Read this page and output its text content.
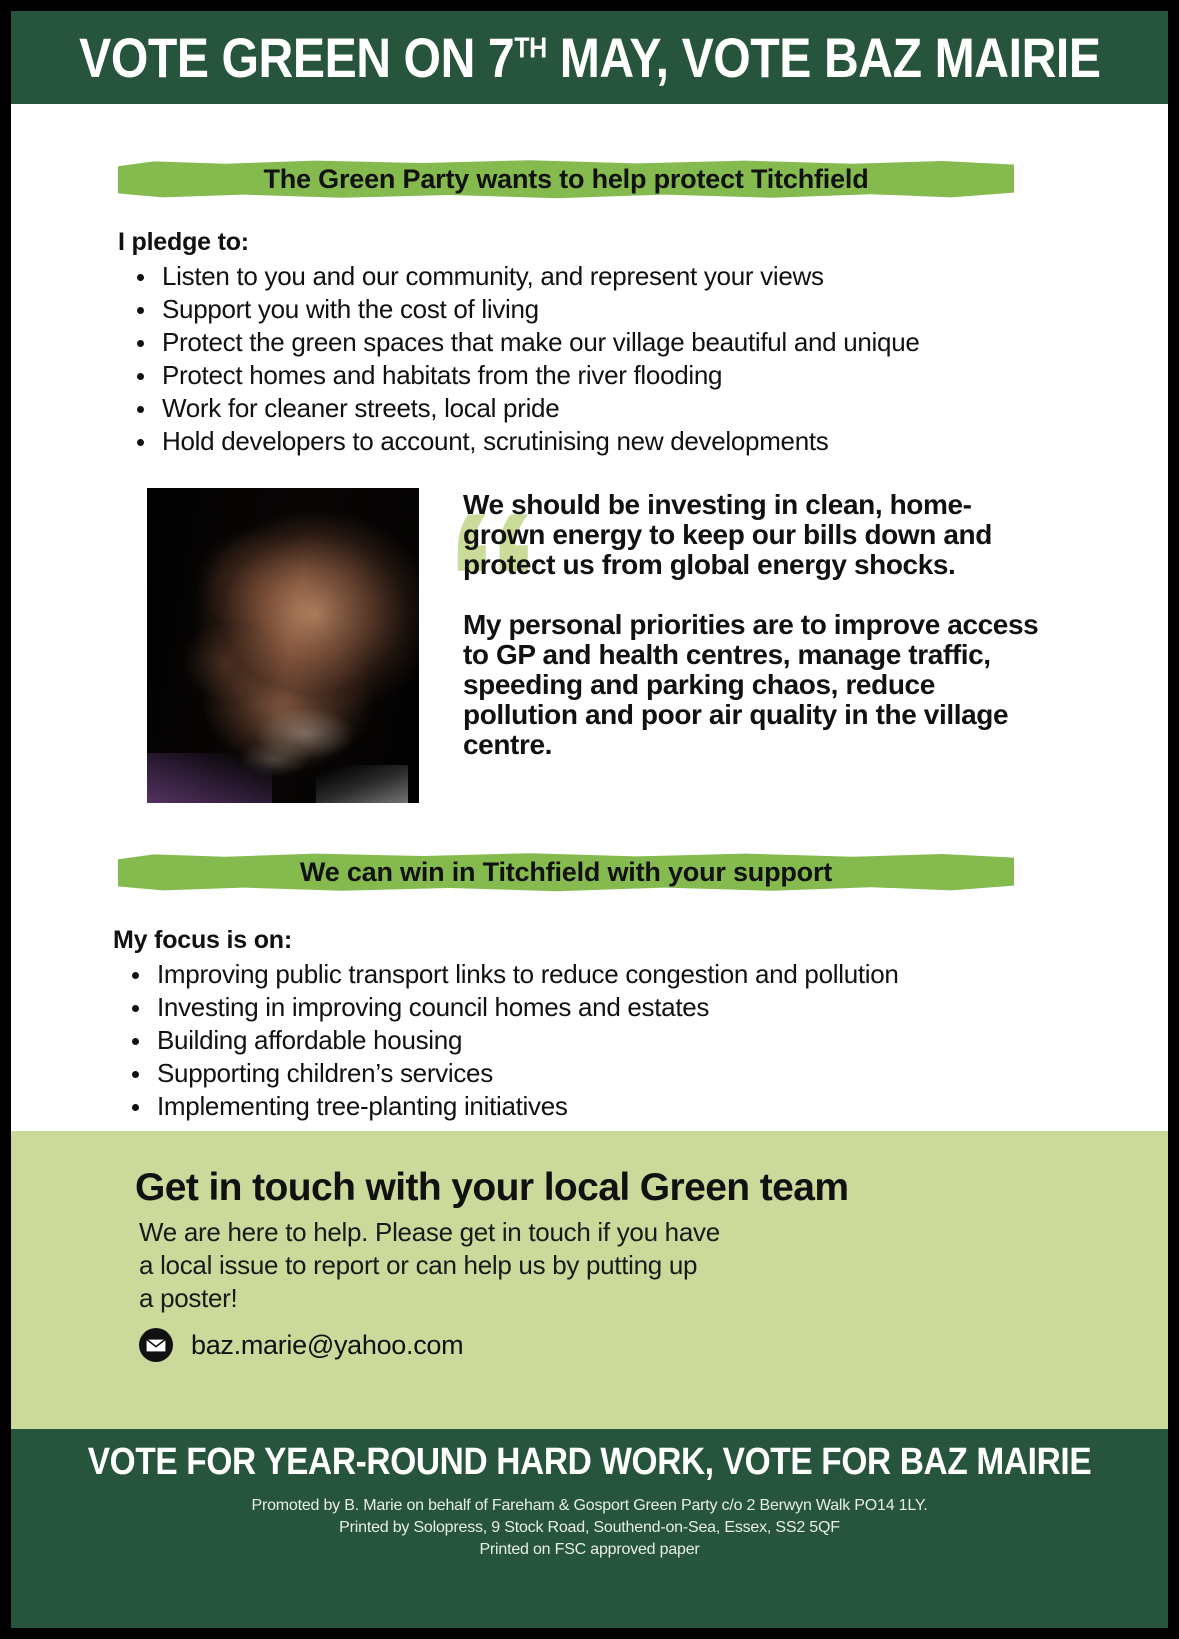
VOTE GREEN ON 7TH MAY, VOTE BAZ MAIRIE
The Green Party wants to help protect Titchfield
I pledge to:
Listen to you and our community, and represent your views
Support you with the cost of living
Protect the green spaces that make our village beautiful and unique
Protect homes and habitats from the river flooding
Work for cleaner streets, local pride
Hold developers to account, scrutinising new developments
“
We should be investing in clean, home-grown energy to keep our bills down and protect us from global energy shocks.
My personal priorities are to improve access to GP and health centres, manage traffic, speeding and parking chaos, reduce pollution and poor air quality in the village centre.
We can win in Titchfield with your support
My focus is on:
Improving public transport links to reduce congestion and pollution
Investing in improving council homes and estates
Building affordable housing
Supporting children’s services
Implementing tree-planting initiatives
Get in touch with your local Green team
We are here to help. Please get in touch if you have
a local issue to report or can help us by putting up
a poster!
baz.marie@yahoo.com
VOTE FOR YEAR-ROUND HARD WORK, VOTE FOR BAZ MAIRIE
Promoted by B. Marie on behalf of Fareham & Gosport Green Party c/o 2 Berwyn Walk PO14 1LY.
Printed by Solopress, 9 Stock Road, Southend-on-Sea, Essex, SS2 5QF
Printed on FSC approved paper
